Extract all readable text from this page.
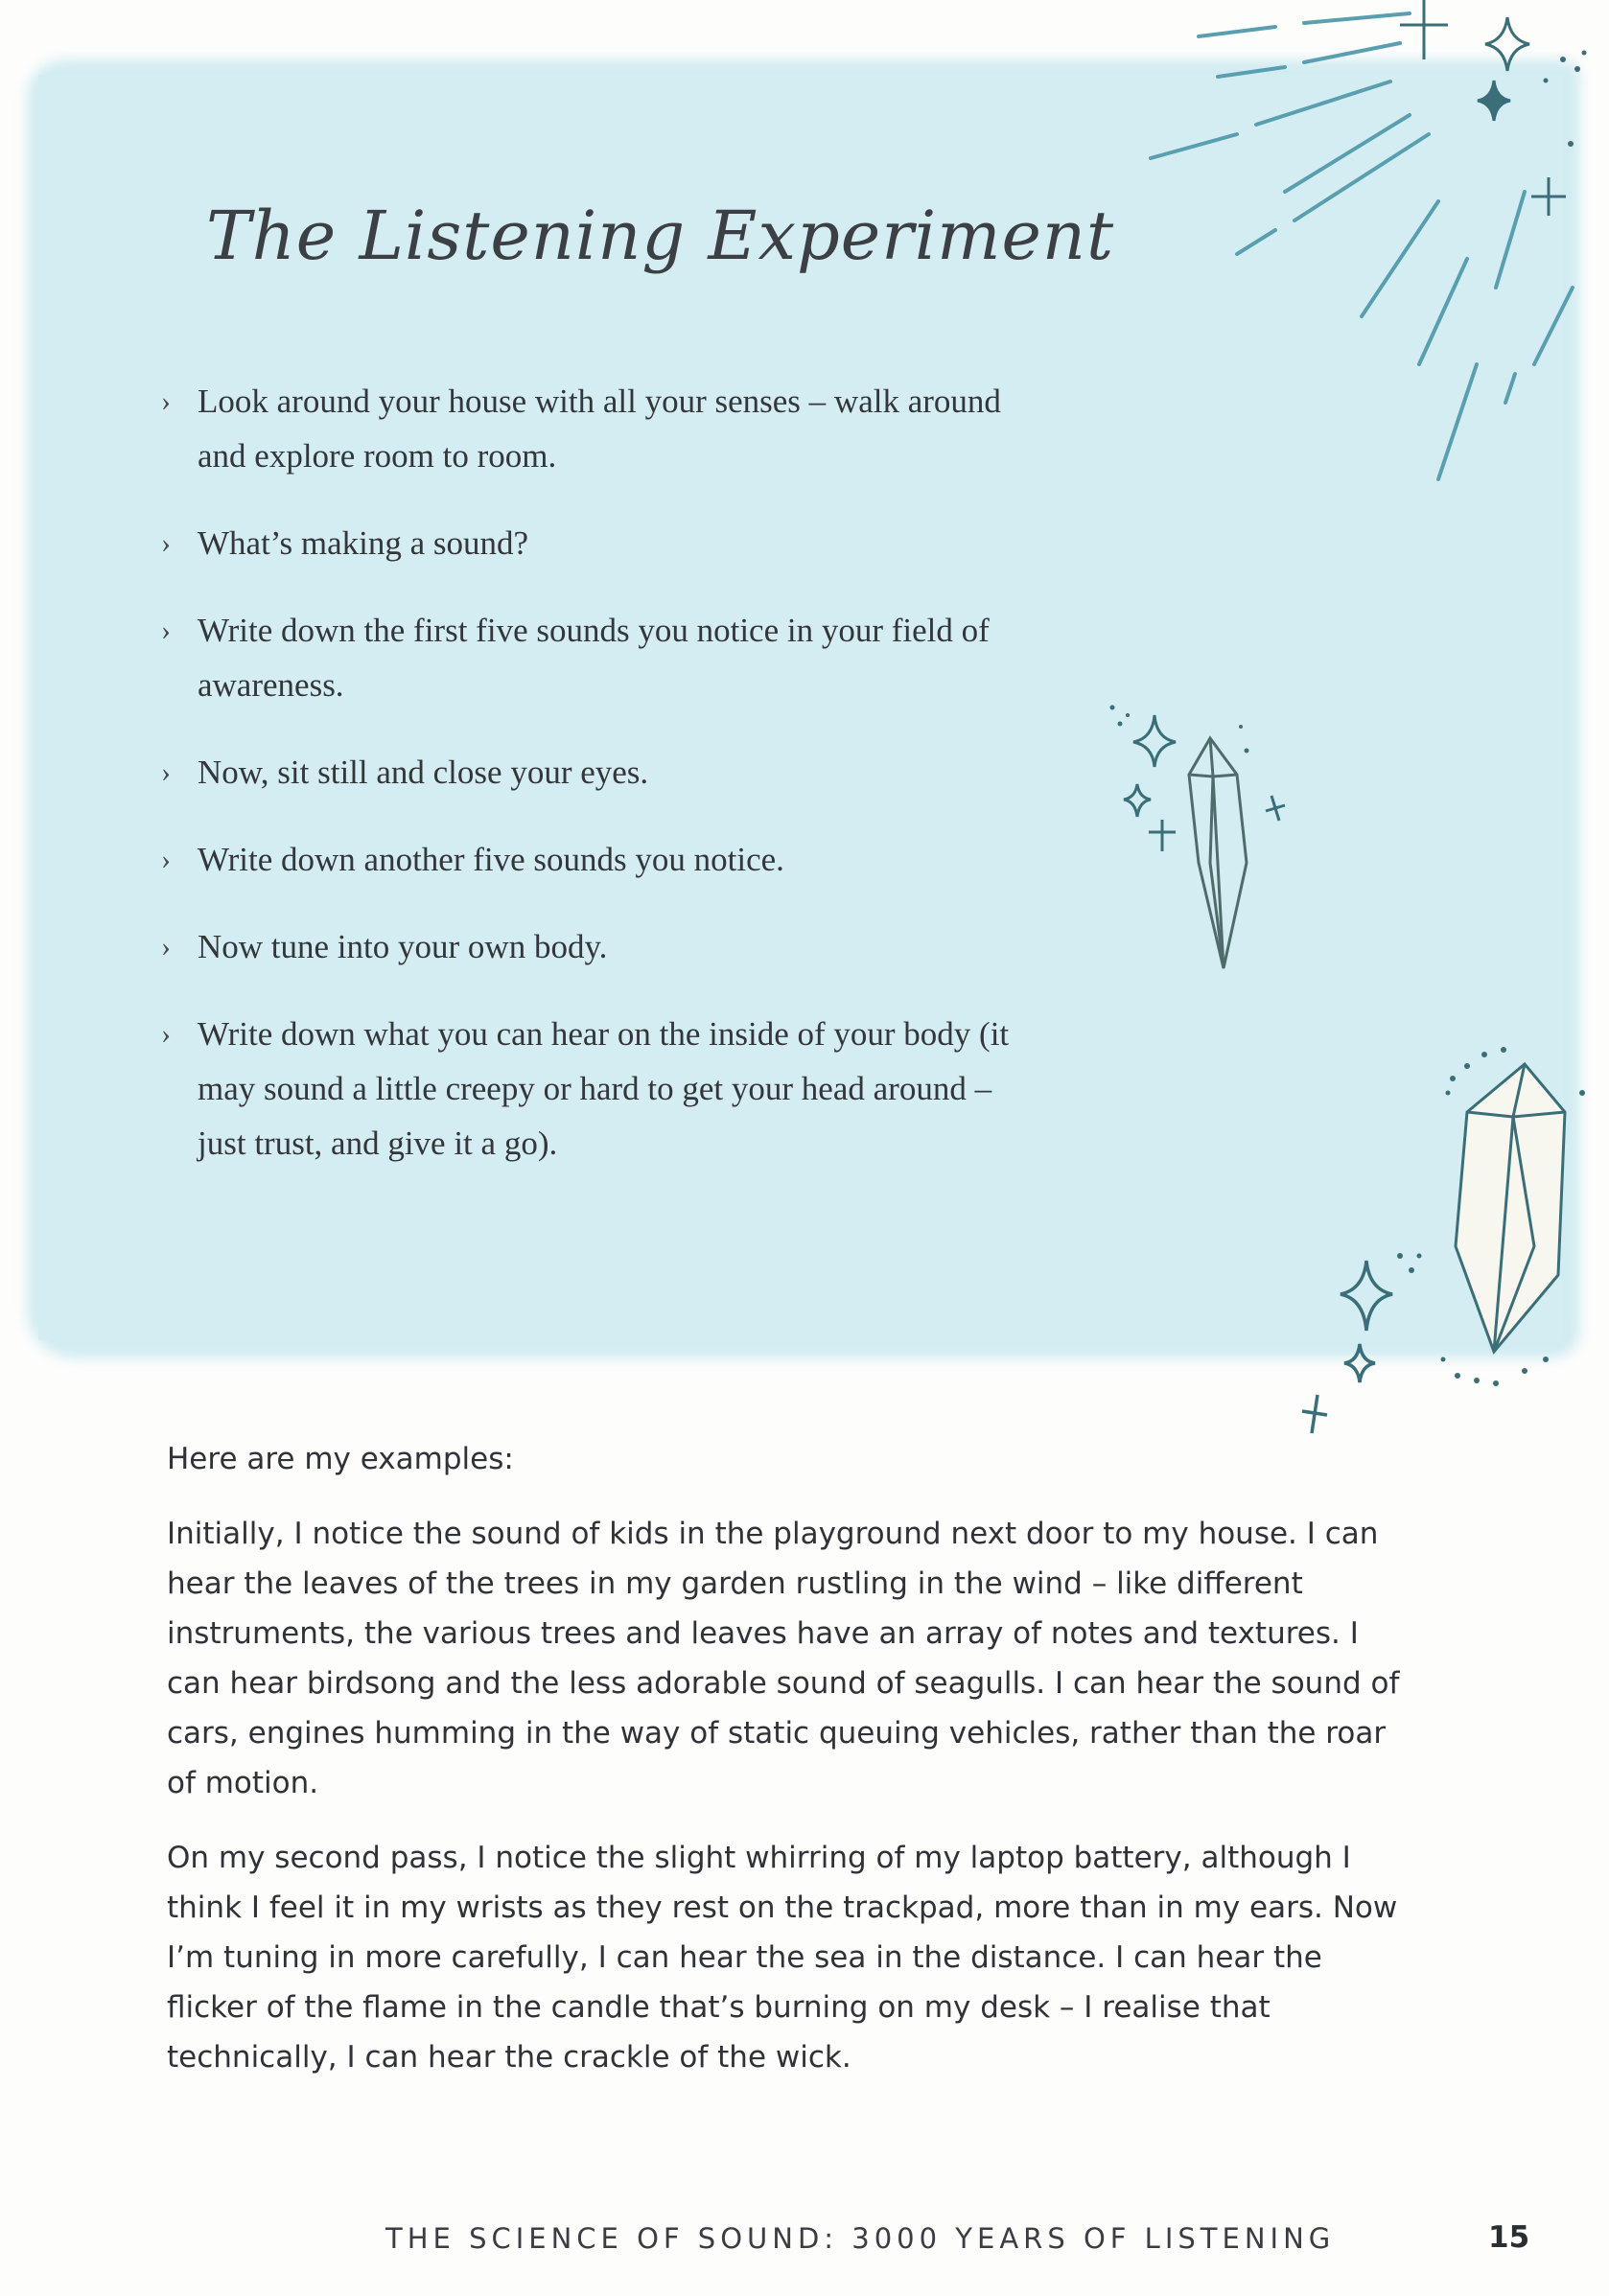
The Listening Experiment
› Look around your house with all your senses – walk around and explore room to room.
› What’s making a sound?
› Write down the first five sounds you notice in your field of awareness.
› Now, sit still and close your eyes.
› Write down another five sounds you notice.
› Now tune into your own body.
› Write down what you can hear on the inside of your body (it may sound a little creepy or hard to get your head around – just trust, and give it a go).

Here are my examples:

Initially, I notice the sound of kids in the playground next door to my house. I can hear the leaves of the trees in my garden rustling in the wind – like different instruments, the various trees and leaves have an array of notes and textures. I can hear birdsong and the less adorable sound of seagulls. I can hear the sound of cars, engines humming in the way of static queuing vehicles, rather than the roar of motion.

On my second pass, I notice the slight whirring of my laptop battery, although I think I feel it in my wrists as they rest on the trackpad, more than in my ears. Now I’m tuning in more carefully, I can hear the sea in the distance. I can hear the flicker of the flame in the candle that’s burning on my desk – I realise that technically, I can hear the crackle of the wick.

THE SCIENCE OF SOUND: 3000 YEARS OF LISTENING	15
